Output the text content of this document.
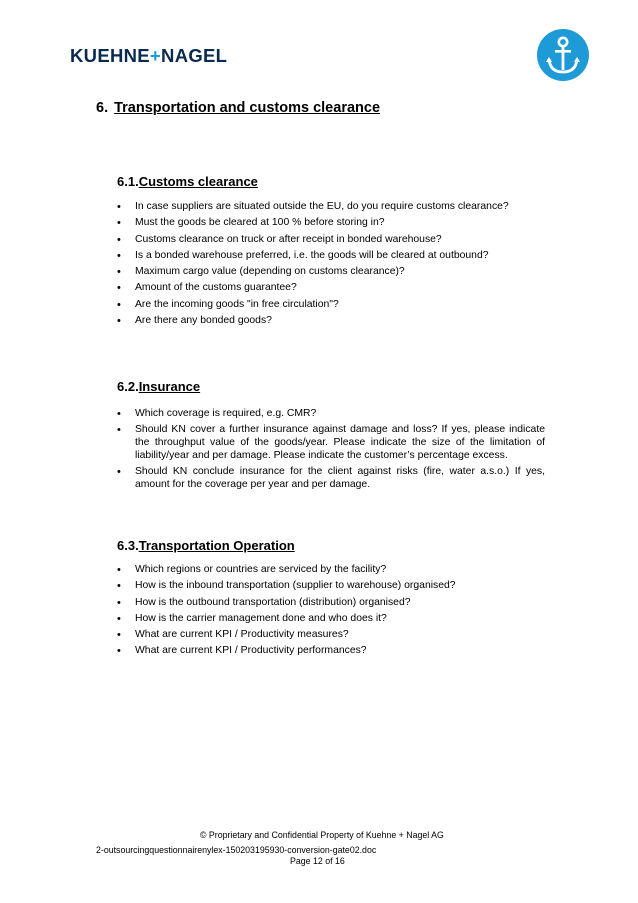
KUEHNE+NAGEL
6. Transportation and customs clearance
6.1.Customs clearance
• In case suppliers are situated outside the EU, do you require customs clearance?
• Must the goods be cleared at 100 % before storing in?
• Customs clearance on truck or after receipt in bonded warehouse?
• Is a bonded warehouse preferred, i.e. the goods will be cleared at outbound?
• Maximum cargo value (depending on customs clearance)?
• Amount of the customs guarantee?
• Are the incoming goods "in free circulation"?
• Are there any bonded goods?
6.2.Insurance
• Which coverage is required, e.g. CMR?
• Should KN cover a further insurance against damage and loss? If yes, please indicate the throughput value of the goods/year. Please indicate the size of the limitation of liability/year and per damage. Please indicate the customer’s percentage excess.
• Should KN conclude insurance for the client against risks (fire, water a.s.o.) If yes, amount for the coverage per year and per damage.
6.3.Transportation Operation
• Which regions or countries are serviced by the facility?
• How is the inbound transportation (supplier to warehouse) organised?
• How is the outbound transportation (distribution) organised?
• How is the carrier management done and who does it?
• What are current KPI / Productivity measures?
• What are current KPI / Productivity performances?
© Proprietary and Confidential Property of Kuehne + Nagel AG
2-outsourcingquestionnairenylex-150203195930-conversion-gate02.doc
Page 12 of 16
